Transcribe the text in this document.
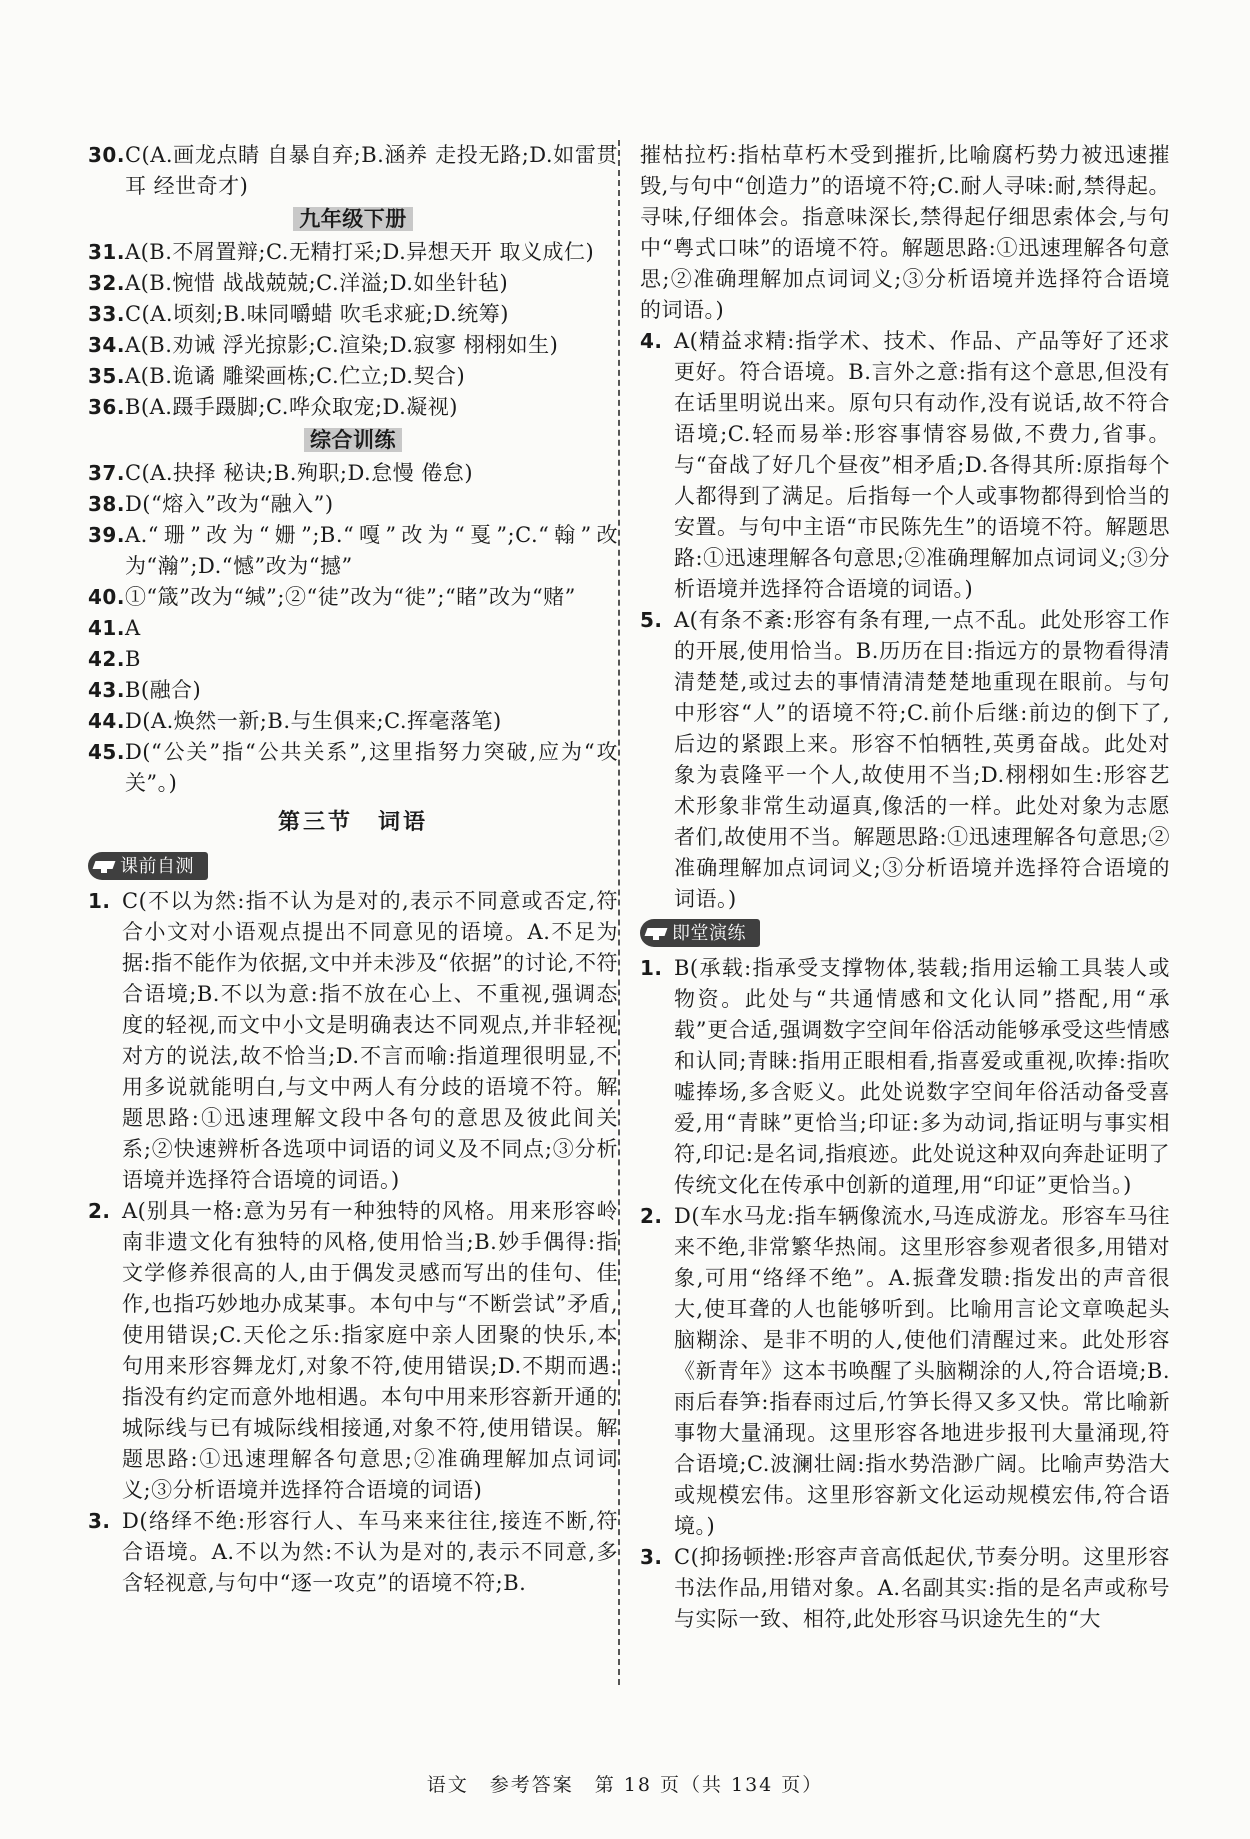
30. C(A.画龙点睛 自暴自弃;B.涵养 走投无路;D.如雷贯耳 经世奇才)
九年级下册
31. A(B.不屑置辩;C.无精打采;D.异想天开 取义成仁)
32. A(B.惋惜 战战兢兢;C.洋溢;D.如坐针毡)
33. C(A.顷刻;B.味同嚼蜡 吹毛求疵;D.统筹)
34. A(B.劝诫 浮光掠影;C.渲染;D.寂寥 栩栩如生)
35. A(B.诡谲 雕梁画栋;C.伫立;D.契合)
36. B(A.蹑手蹑脚;C.哗众取宠;D.凝视)
综合训练
37. C(A.抉择 秘诀;B.殉职;D.怠慢 倦怠)
38. D(“熔入”改为“融入”)
39. A.“珊”改为“姗”;B.“嘎”改为“戛”;C.“翰”改为“瀚”;D.“憾”改为“撼”
40. ①“箴”改为“缄”;②“徒”改为“徙”;“睹”改为“赌”
41. A
42. B
43. B(融合)
44. D(A.焕然一新;B.与生俱来;C.挥毫落笔)
45. D(“公关”指“公共关系”,这里指努力突破,应为“攻关”。)
第三节　词语
课前自测
1. C(不以为然:指不认为是对的,表示不同意或否定,符合小文对小语观点提出不同意见的语境。A.不足为据:指不能作为依据,文中并未涉及“依据”的讨论,不符合语境;B.不以为意:指不放在心上、不重视,强调态度的轻视,而文中小文是明确表达不同观点,并非轻视对方的说法,故不恰当;D.不言而喻:指道理很明显,不用多说就能明白,与文中两人有分歧的语境不符。解题思路:①迅速理解文段中各句的意思及彼此间关系;②快速辨析各选项中词语的词义及不同点;③分析语境并选择符合语境的词语。)
2. A(别具一格:意为另有一种独特的风格。用来形容岭南非遗文化有独特的风格,使用恰当;B.妙手偶得:指文学修养很高的人,由于偶发灵感而写出的佳句、佳作,也指巧妙地办成某事。本句中与“不断尝试”矛盾,使用错误;C.天伦之乐:指家庭中亲人团聚的快乐,本句用来形容舞龙灯,对象不符,使用错误;D.不期而遇:指没有约定而意外地相遇。本句中用来形容新开通的城际线与已有城际线相接通,对象不符,使用错误。解题思路:①迅速理解各句意思;②准确理解加点词词义;③分析语境并选择符合语境的词语)
3. D(络绎不绝:形容行人、车马来来往往,接连不断,符合语境。A.不以为然:不认为是对的,表示不同意,多含轻视意,与句中“逐一攻克”的语境不符;B.
摧枯拉朽:指枯草朽木受到摧折,比喻腐朽势力被迅速摧毁,与句中“创造力”的语境不符;C.耐人寻味:耐,禁得起。寻味,仔细体会。指意味深长,禁得起仔细思索体会,与句中“粤式口味”的语境不符。解题思路:①迅速理解各句意思;②准确理解加点词词义;③分析语境并选择符合语境的词语。)
4. A(精益求精:指学术、技术、作品、产品等好了还求更好。符合语境。B.言外之意:指有这个意思,但没有在话里明说出来。原句只有动作,没有说话,故不符合语境;C.轻而易举:形容事情容易做,不费力,省事。与“奋战了好几个昼夜”相矛盾;D.各得其所:原指每个人都得到了满足。后指每一个人或事物都得到恰当的安置。与句中主语“市民陈先生”的语境不符。解题思路:①迅速理解各句意思;②准确理解加点词词义;③分析语境并选择符合语境的词语。)
5. A(有条不紊:形容有条有理,一点不乱。此处形容工作的开展,使用恰当。B.历历在目:指远方的景物看得清清楚楚,或过去的事情清清楚楚地重现在眼前。与句中形容“人”的语境不符;C.前仆后继:前边的倒下了,后边的紧跟上来。形容不怕牺牲,英勇奋战。此处对象为袁隆平一个人,故使用不当;D.栩栩如生:形容艺术形象非常生动逼真,像活的一样。此处对象为志愿者们,故使用不当。解题思路:①迅速理解各句意思;②准确理解加点词词义;③分析语境并选择符合语境的词语。)
即堂演练
1. B(承载:指承受支撑物体,装载;指用运输工具装人或物资。此处与“共通情感和文化认同”搭配,用“承载”更合适,强调数字空间年俗活动能够承受这些情感和认同;青睐:指用正眼相看,指喜爱或重视,吹捧:指吹嘘捧场,多含贬义。此处说数字空间年俗活动备受喜爱,用“青睐”更恰当;印证:多为动词,指证明与事实相符,印记:是名词,指痕迹。此处说这种双向奔赴证明了传统文化在传承中创新的道理,用“印证”更恰当。)
2. D(车水马龙:指车辆像流水,马连成游龙。形容车马往来不绝,非常繁华热闹。这里形容参观者很多,用错对象,可用“络绎不绝”。A.振聋发聩:指发出的声音很大,使耳聋的人也能够听到。比喻用言论文章唤起头脑糊涂、是非不明的人,使他们清醒过来。此处形容《新青年》这本书唤醒了头脑糊涂的人,符合语境;B.雨后春笋:指春雨过后,竹笋长得又多又快。常比喻新事物大量涌现。这里形容各地进步报刊大量涌现,符合语境;C.波澜壮阔:指水势浩渺广阔。比喻声势浩大或规模宏伟。这里形容新文化运动规模宏伟,符合语境。)
3. C(抑扬顿挫:形容声音高低起伏,节奏分明。这里形容书法作品,用错对象。A.名副其实:指的是名声或称号与实际一致、相符,此处形容马识途先生的“大
语文　参考答案　第 18 页（共 134 页）
